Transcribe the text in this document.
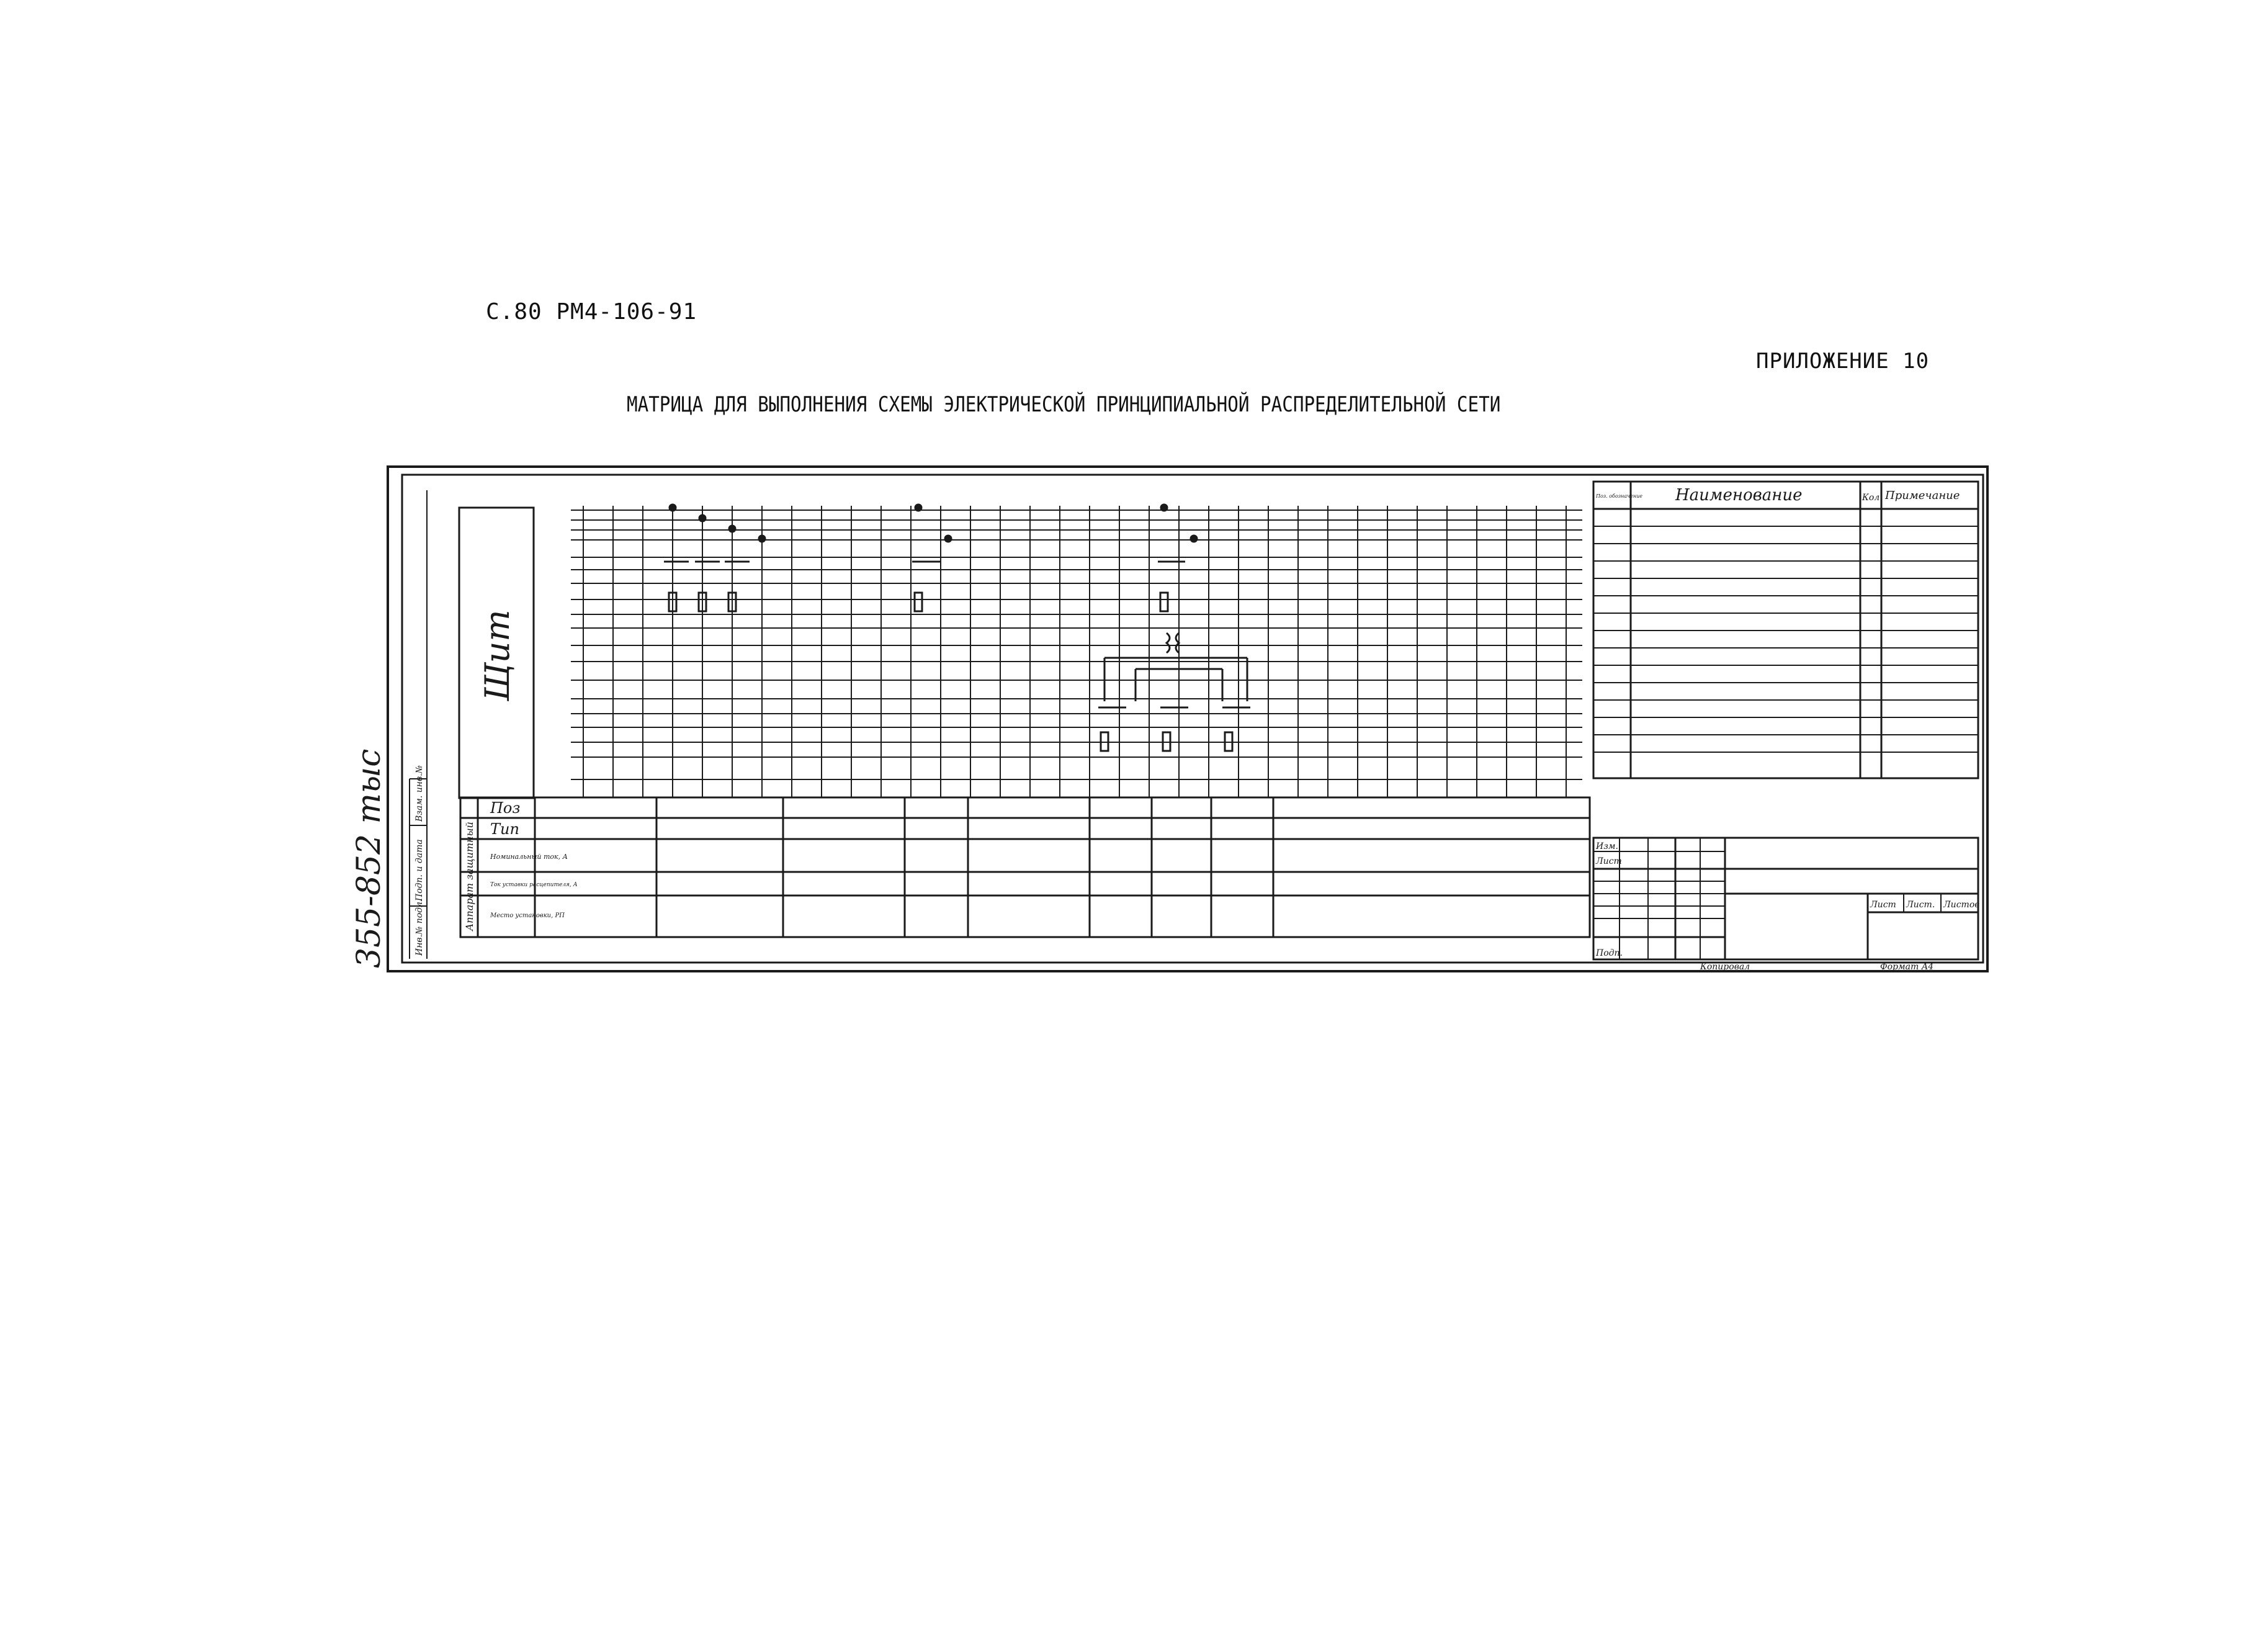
С.80 РМ4-106-91
ПРИЛОЖЕНИЕ 10
МАТРИЦА ДЛЯ ВЫПОЛНЕНИЯ СХЕМЫ ЭЛЕКТРИЧЕСКОЙ ПРИНЦИПИАЛЬНОЙ РАСПРЕДЕЛИТЕЛЬНОЙ СЕТИ
Щит
Поз
Тип
Номинальный ток, А
Ток уставки расцепителя, А
Место установки, РП
Аппарат защитный
Поз. обозначение Наименование	Кол. Примечание
Изм.
Лист
Подп.
Лист Лист. Листов
Копировал	Формат А4
Инв.№ подл.
Подп. и дата
Взам. инв.№
355-852 тыс
